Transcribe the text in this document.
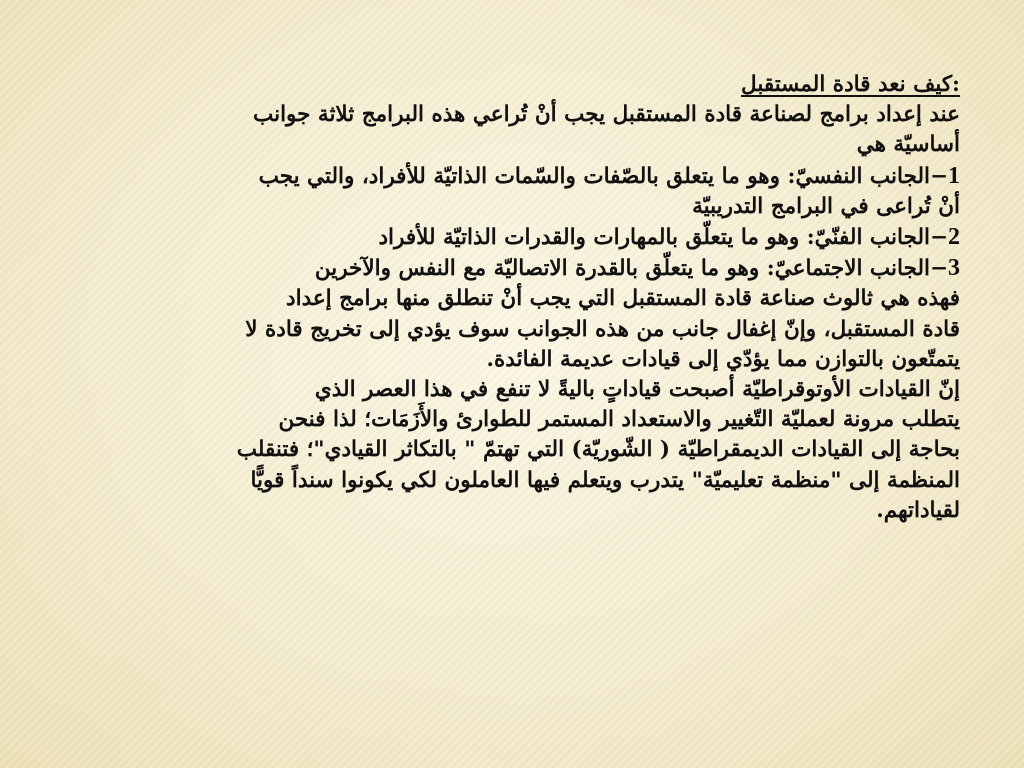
:كيف نعد قادة المستقبل
عند إعداد برامج لصناعة قادة المستقبل يجب أنْ تُراعي هذه البرامج ثلاثة جوانب
أساسيّة هي
1−الجانب النفسيّ: وهو ما يتعلق بالصّفات والسّمات الذاتيّة للأفراد، والتي يجب
أنْ تُراعى في البرامج التدريبيّة
2−الجانب الفنّيّ: وهو ما يتعلّق بالمهارات والقدرات الذاتيّة للأفراد
3−الجانب الاجتماعيّ: وهو ما يتعلّق بالقدرة الاتصاليّة مع النفس والآخرين
فهذه هي ثالوث صناعة قادة المستقبل التي يجب أنْ تنطلق منها برامج إعداد
قادة المستقبل، وإنّ إغفال جانب من هذه الجوانب سوف يؤدي إلى تخريج قادة لا
يتمتّعون بالتوازن مما يؤدّي إلى قيادات عديمة الفائدة.
إنّ القيادات الأوتوقراطيّة أصبحت قياداتٍ باليةً لا تنفع في هذا العصر الذي
يتطلب مرونة لعمليّة التّغيير والاستعداد المستمر للطوارئ والأَزَمَات؛ لذا فنحن
بحاجة إلى القيادات الديمقراطيّة ( الشّوريّة) التي تهتمّ " بالتكاثر القيادي"؛ فتنقلب
المنظمة إلى "منظمة تعليميّة" يتدرب ويتعلم فيها العاملون لكي يكونوا سنداً قويًّا
لقياداتهم.
